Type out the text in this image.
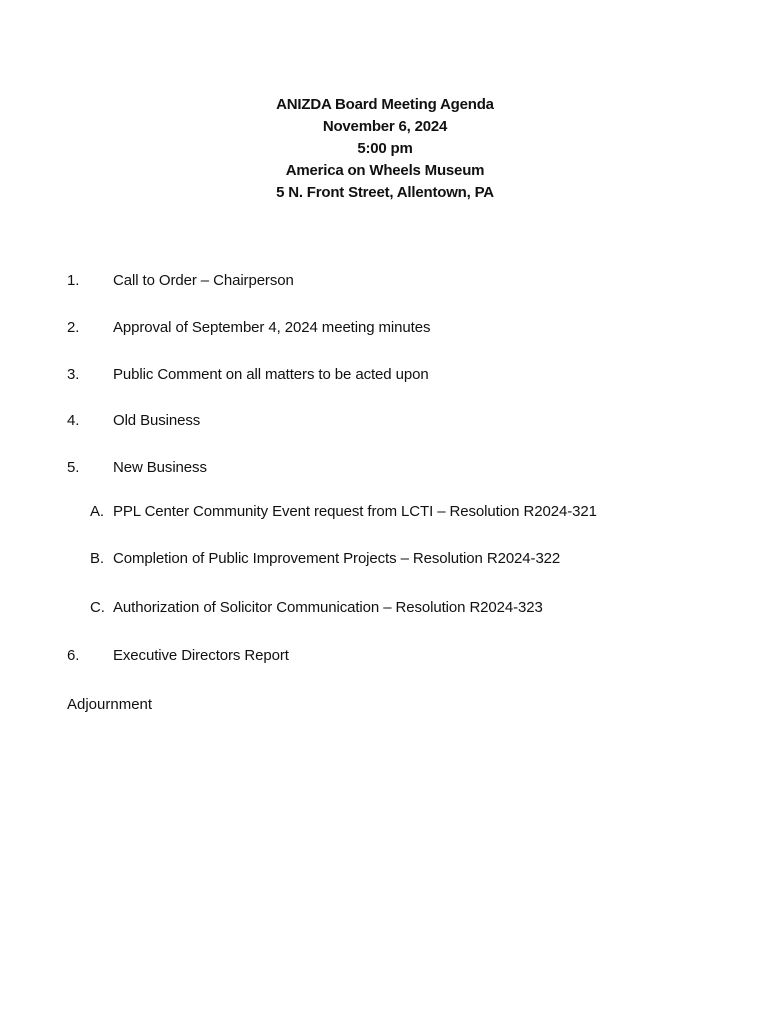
ANIZDA Board Meeting Agenda
November 6, 2024
5:00 pm
America on Wheels Museum
5 N. Front Street, Allentown, PA
1. Call to Order – Chairperson
2. Approval of September 4, 2024 meeting minutes
3. Public Comment on all matters to be acted upon
4. Old Business
5. New Business
A. PPL Center Community Event request from LCTI – Resolution R2024-321
B. Completion of Public Improvement Projects – Resolution R2024-322
C. Authorization of Solicitor Communication – Resolution R2024-323
6. Executive Directors Report
Adjournment
